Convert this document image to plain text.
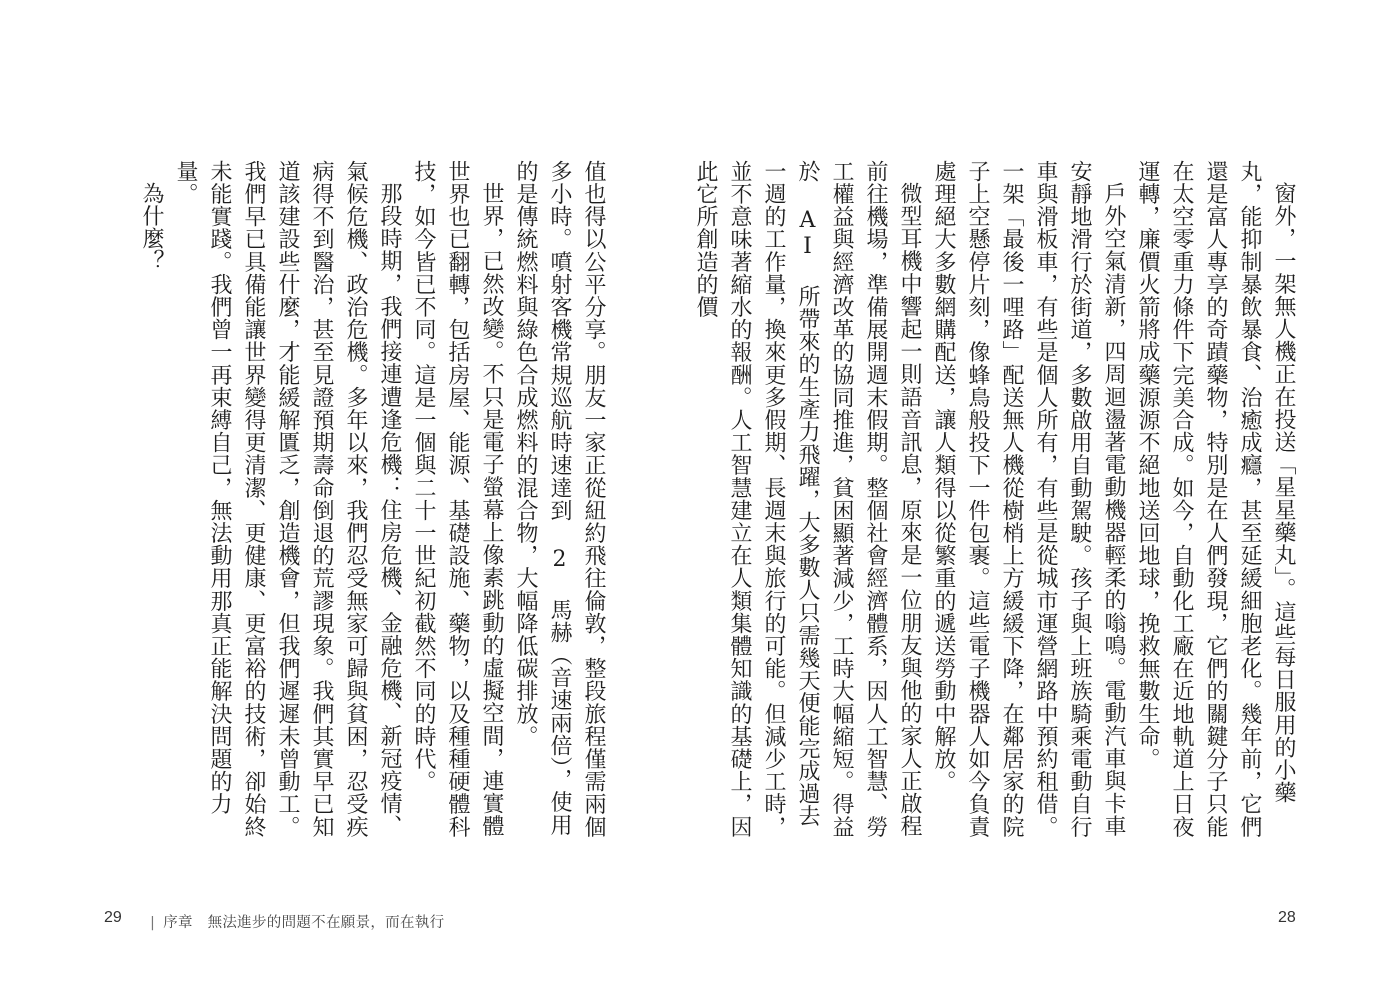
窗外，一架無人機正在投送「星星藥丸」。這些每日服用的小藥丸，能抑制暴飲暴食、治癒成癮，甚至延緩細胞老化。幾年前，它們還是富人專享的奇蹟藥物，特別是在人們發現，它們的關鍵分子只能在太空零重力條件下完美合成。如今，自動化工廠在近地軌道上日夜運轉，廉價火箭將成藥源源不絕地送回地球，挽救無數生命。

戶外空氣清新，四周迴盪著電動機器輕柔的嗡鳴。電動汽車與卡車安靜地滑行於街道，多數啟用自動駕駛。孩子與上班族騎乘電動自行車與滑板車，有些是個人所有，有些是從城市運營網路中預約租借。一架「最後一哩路」配送無人機從樹梢上方緩緩下降，在鄰居家的院子上空懸停片刻，像蜂鳥般投下一件包裹。這些電子機器人如今負責處理絕大多數網購配送，讓人類得以從繁重的遞送勞動中解放。

微型耳機中響起一則語音訊息，原來是一位朋友與他的家人正啟程前往機場，準備展開週末假期。整個社會經濟體系，因人工智慧、勞工權益與經濟改革的協同推進，貧困顯著減少，工時大幅縮短。得益於 AI 所帶來的生產力飛躍，大多數人只需幾天便能完成過去一週的工作量，換來更多假期、長週末與旅行的可能。但減少工時，並不意味著縮水的報酬。人工智慧建立在人類集體知識的基礎上，因此它所創造的價

28

值也得以公平分享。朋友一家正從紐約飛往倫敦，整段旅程僅需兩個多小時。噴射客機常規巡航時速達到 2 馬赫（音速兩倍），使用的是傳統燃料與綠色合成燃料的混合物，大幅降低碳排放。

世界，已然改變。不只是電子螢幕上像素跳動的虛擬空間，連實體世界也已翻轉，包括房屋、能源、基礎設施、藥物，以及種種硬體科技，如今皆已不同。這是一個與二十一世紀初截然不同的時代。

那段時期，我們接連遭逢危機：住房危機、金融危機、新冠疫情、氣候危機、政治危機。多年以來，我們忍受無家可歸與貧困，忍受疾病得不到醫治，甚至見證預期壽命倒退的荒謬現象。我們其實早已知道該建設些什麼，才能緩解匱乏，創造機會，但我們遲遲未曾動工。我們早已具備能讓世界變得更清潔、更健康、更富裕的技術，卻始終未能實踐。我們曾一再束縛自己，無法動用那真正能解決問題的力量。

為什麼？

29 | 序章　無法進步的問題不在願景，而在執行
